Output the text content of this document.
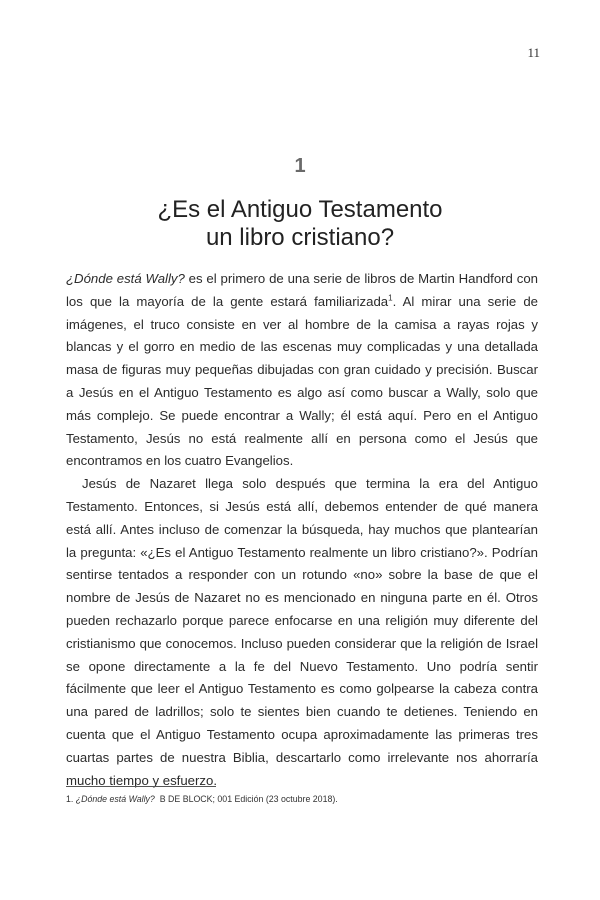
11
1
¿Es el Antiguo Testamento
un libro cristiano?

¿Dónde está Wally? es el primero de una serie de libros de Martin Handford con los que la mayoría de la gente estará familiarizada$^1$. Al mirar una serie de imágenes, el truco consiste en ver al hombre de la camisa a rayas rojas y blancas y el gorro en medio de las escenas muy complicadas y una detallada masa de figuras muy pequeñas dibujadas con gran cuidado y precisión. Buscar a Jesús en el Antiguo Testamento es algo así como buscar a Wally, solo que más complejo. Se puede encontrar a Wally; él está aquí. Pero en el Antiguo Testamento, Jesús no está realmente allí en persona como el Jesús que encontramos en los cuatro Evangelios.

Jesús de Nazaret llega solo después que termina la era del Antiguo Testamento. Entonces, si Jesús está allí, debemos entender de qué manera está allí. Antes incluso de comenzar la búsqueda, hay muchos que plantearían la pregunta: «¿Es el Antiguo Testamento realmente un libro cristiano?». Podrían sentirse tentados a responder con un rotundo «no» sobre la base de que el nombre de Jesús de Nazaret no es mencionado en ninguna parte en él. Otros pueden rechazarlo porque parece enfocarse en una religión muy diferente del cristianismo que conocemos. Incluso pueden considerar que la religión de Israel se opone directamente a la fe del Nuevo Testamento. Uno podría sentir fácilmente que leer el Antiguo Testamento es como golpearse la cabeza contra una pared de ladrillos; solo te sientes bien cuando te detienes. Teniendo en cuenta que el Antiguo Testamento ocupa aproximadamente las primeras tres cuartas partes de nuestra Biblia, descartarlo como irrelevante nos ahorraría mucho tiempo y esfuerzo.

1. ¿Dónde está Wally?  B DE BLOCK; 001 Edición (23 octubre 2018).
